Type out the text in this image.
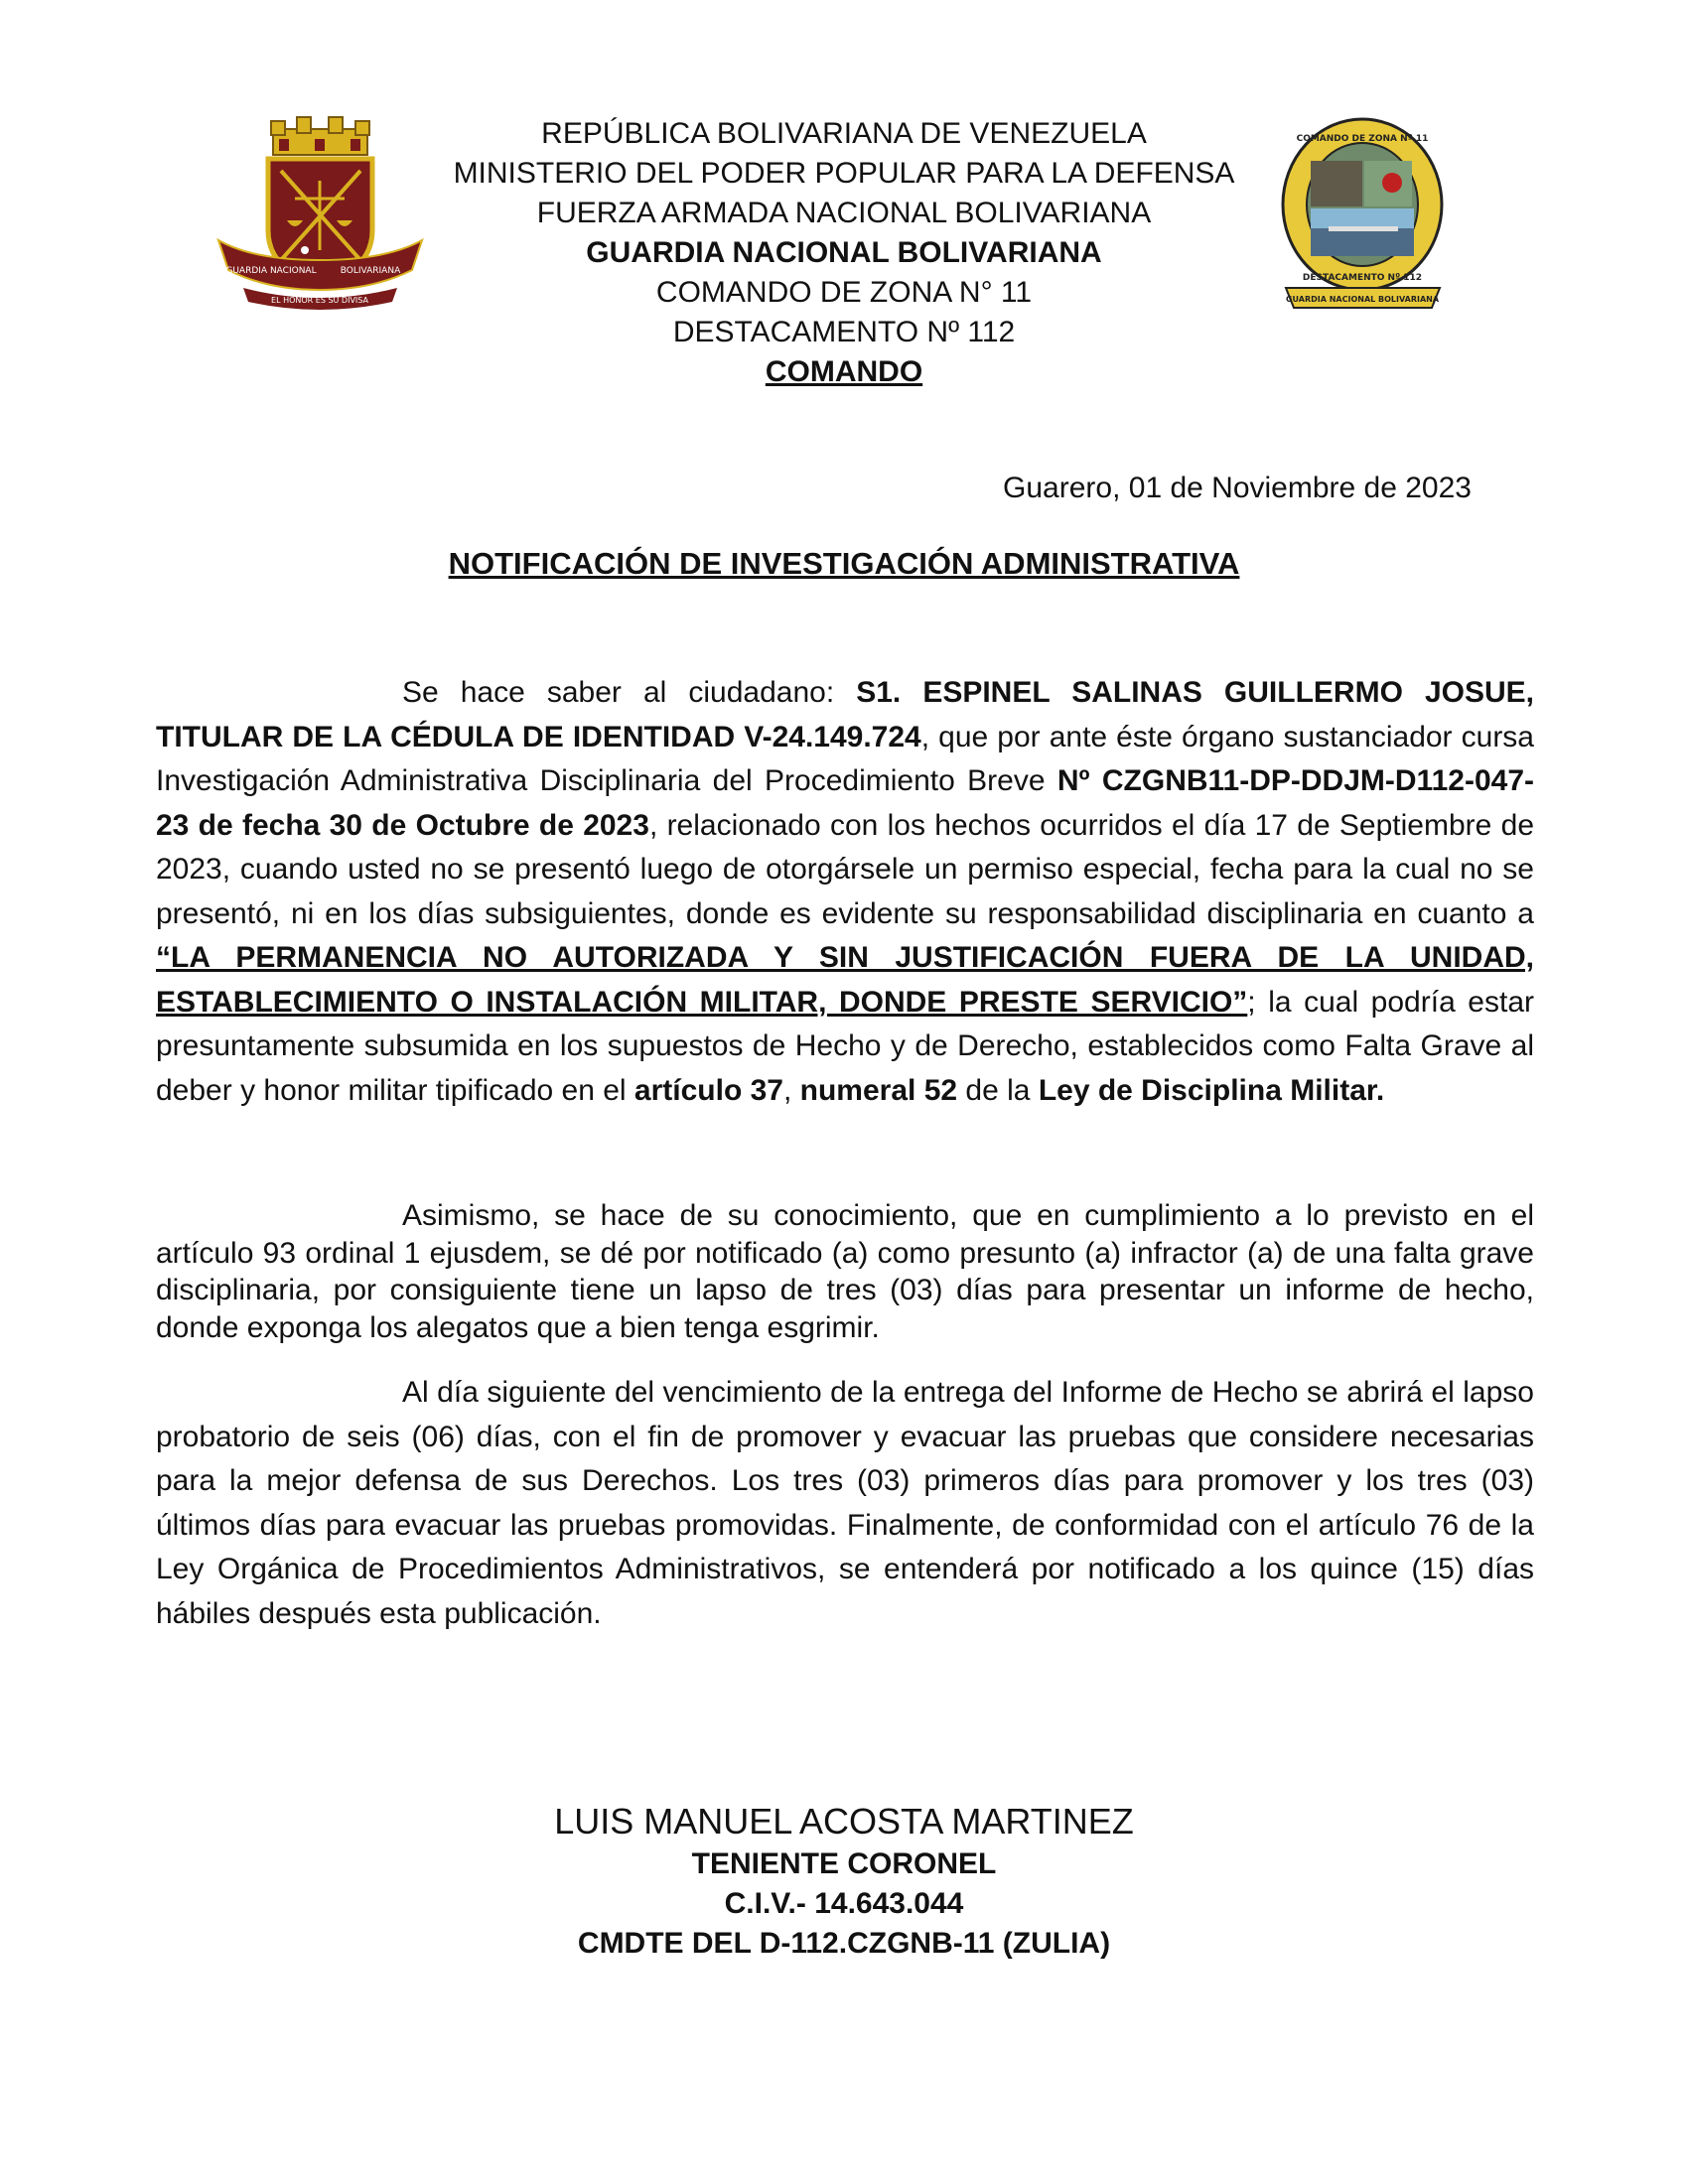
GUARDIA NACIONAL	BOLIVARIANA
EL HONOR ES SU DIVISA
COMANDO DE ZONA Nº 11
DESTACAMENTO Nº 112
GUARDIA NACIONAL BOLIVARIANA
REPÚBLICA BOLIVARIANA DE VENEZUELA
MINISTERIO DEL PODER POPULAR PARA LA DEFENSA
FUERZA ARMADA NACIONAL BOLIVARIANA
GUARDIA NACIONAL BOLIVARIANA
COMANDO DE ZONA N° 11
DESTACAMENTO Nº 112
COMANDO
Guarero, 01 de Noviembre de 2023
NOTIFICACIÓN DE INVESTIGACIÓN ADMINISTRATIVA
Se hace saber al ciudadano: S1. ESPINEL SALINAS GUILLERMO JOSUE, TITULAR DE LA CÉDULA DE IDENTIDAD V-24.149.724, que por ante éste órgano sustanciador cursa Investigación Administrativa Disciplinaria del Procedimiento Breve Nº CZGNB11-DP-DDJM-D112-047-23 de fecha 30 de Octubre de 2023, relacionado con los hechos ocurridos el día 17 de Septiembre de 2023, cuando usted no se presentó luego de otorgársele un permiso especial, fecha para la cual no se presentó, ni en los días subsiguientes, donde es evidente su responsabilidad disciplinaria en cuanto a “LA PERMANENCIA NO AUTORIZADA Y SIN JUSTIFICACIÓN FUERA DE LA UNIDAD, ESTABLECIMIENTO O INSTALACIÓN MILITAR, DONDE PRESTE SERVICIO”; la cual podría estar presuntamente subsumida en los supuestos de Hecho y de Derecho, establecidos como Falta Grave al deber y honor militar tipificado en el artículo 37, numeral 52 de la Ley de Disciplina Militar.
Asimismo, se hace de su conocimiento, que en cumplimiento a lo previsto en el artículo 93 ordinal 1 ejusdem, se dé por notificado (a) como presunto (a) infractor (a) de una falta grave disciplinaria, por consiguiente tiene un lapso de tres (03) días para presentar un informe de hecho, donde exponga los alegatos que a bien tenga esgrimir.
Al día siguiente del vencimiento de la entrega del Informe de Hecho se abrirá el lapso probatorio de seis (06) días, con el fin de promover y evacuar las pruebas que considere necesarias para la mejor defensa de sus Derechos. Los tres (03) primeros días para promover y los tres (03) últimos días para evacuar las pruebas promovidas. Finalmente, de conformidad con el artículo 76 de la Ley Orgánica de Procedimientos Administrativos, se entenderá por notificado a los quince (15) días hábiles después esta publicación.
LUIS MANUEL ACOSTA MARTINEZ
TENIENTE CORONEL
C.I.V.- 14.643.044
CMDTE DEL D-112.CZGNB-11 (ZULIA)
